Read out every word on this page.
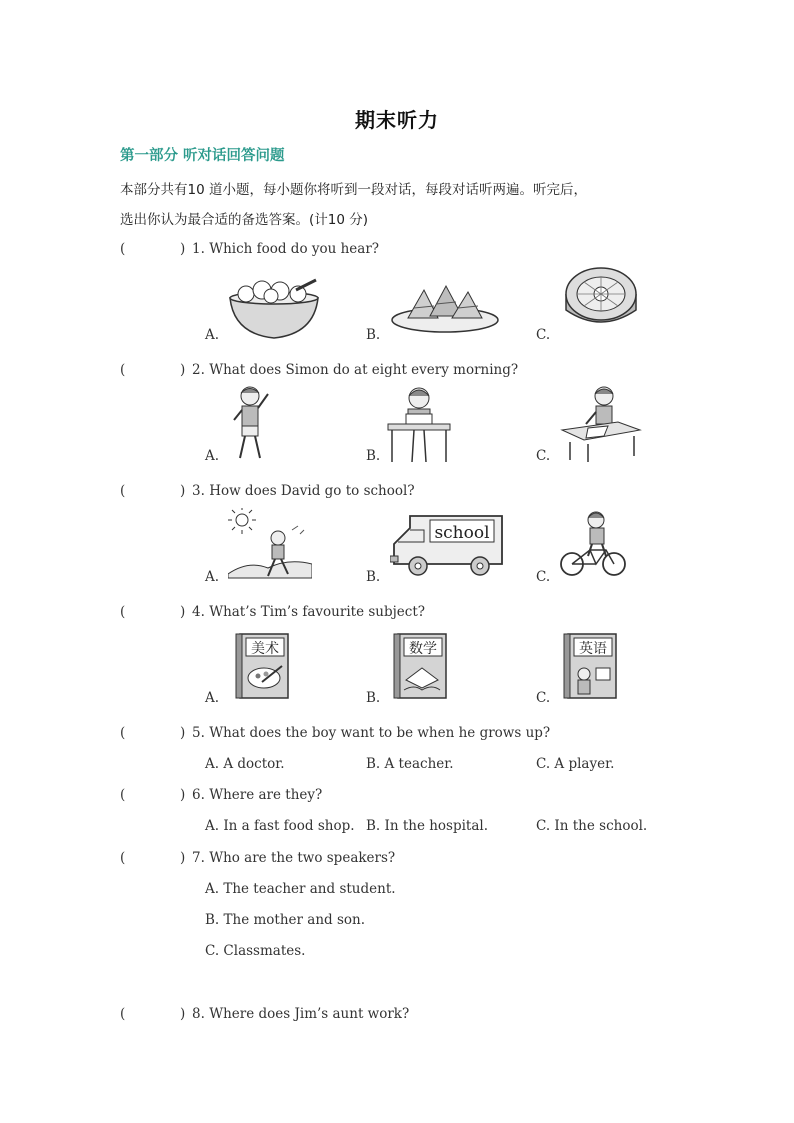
期末听力
第一部分 听对话回答问题
本部分共有10 道小题，每小题你将听到一段对话，每段对话听两遍。听完后，
选出你认为最合适的备选答案。(计10 分)
(	) 1. Which food do you hear?
A.	B.	C.
(	) 2. What does Simon do at eight every morning?
A.	B.	C.
(	) 3. How does David go to school?
A.	B.	C.
school
(	) 4. What’s Tim’s favourite subject?
A.	B.	C.
美术	数学	英语
(	) 5. What does the boy want to be when he grows up?
A. A doctor.	B. A teacher.	C. A player.
(	) 6. Where are they?
A. In a fast food shop. B. In the hospital.	C. In the school.
(	) 7. Who are the two speakers?
A. The teacher and student.
B. The mother and son.
C. Classmates.
(	) 8. Where does Jim’s aunt work?
